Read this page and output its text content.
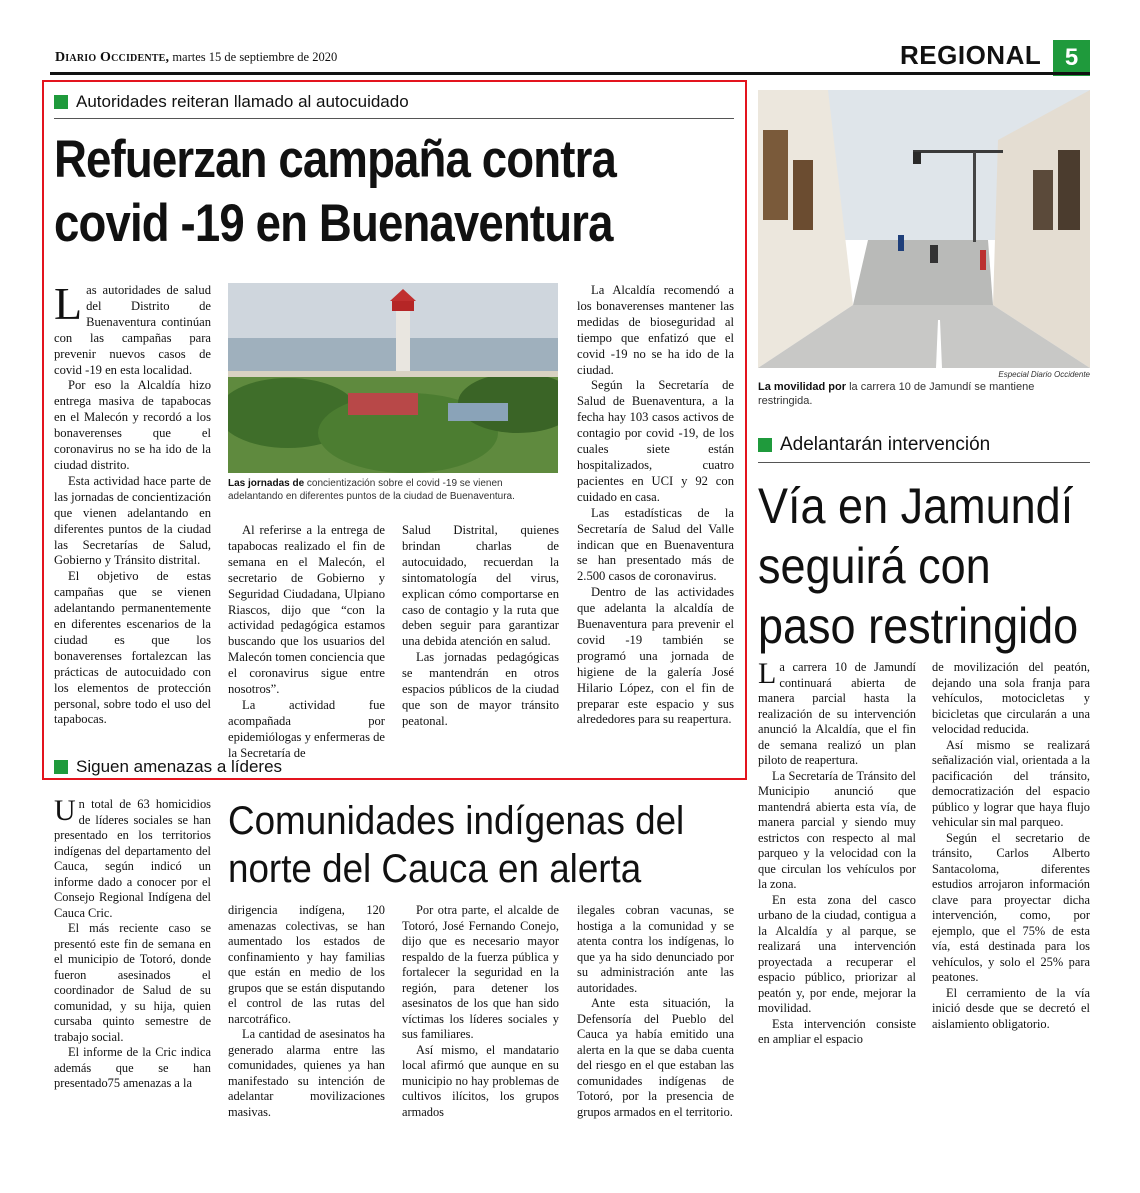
Diario Occidente, martes 15 de septiembre de 2020	REGIONAL 5
Autoridades reiteran llamado al autocuidado
Refuerzan campaña contra
covid -19 en Buenaventura

Las autoridades de salud del Distrito de Buenaventura continúan con las campañas para prevenir nuevos casos de covid -19 en esta localidad.

Por eso la Alcaldía hizo entrega masiva de tapabocas en el Malecón y recordó a los bonaverenses que el coronavirus no se ha ido de la ciudad distrito.

Esta actividad hace parte de las jornadas de concientización que vienen adelantando en diferentes puntos de la ciudad las Secretarías de Salud, Gobierno y Tránsito distrital.

El objetivo de estas campañas que se vienen adelantando permanentemente en diferentes escenarios de la ciudad es que los bonaverenses fortalezcan las prácticas de autocuidado con los elementos de protección personal, sobre todo el uso del tapabocas.

Las jornadas de concientización sobre el covid -19 se vienen adelantando en diferentes puntos de la ciudad de Buenaventura.

Al referirse a la entrega de tapabocas realizado el fin de semana en el Malecón, el secretario de Gobierno y Seguridad Ciudadana, Ulpiano Riascos, dijo que “con la actividad pedagógica estamos buscando que los usuarios del Malecón tomen conciencia que el coronavirus sigue entre nosotros”.

La actividad fue acompañada por epidemiólogas y enfermeras de la Secretaría de

Salud Distrital, quienes brindan charlas de autocuidado, recuerdan la sintomatología del virus, explican cómo comportarse en caso de contagio y la ruta que deben seguir para garantizar una debida atención en salud.

Las jornadas pedagógicas se mantendrán en otros espacios públicos de la ciudad que son de mayor tránsito peatonal.

La Alcaldía recomendó a los bonaverenses mantener las medidas de bioseguridad al tiempo que enfatizó que el covid -19 no se ha ido de la ciudad.

Según la Secretaría de Salud de Buenaventura, a la fecha hay 103 casos activos de contagio por covid -19, de los cuales siete están hospitalizados, cuatro pacientes en UCI y 92 con cuidado en casa.

Las estadísticas de la Secretaría de Salud del Valle indican que en Buenaventura se han presentado más de 2.500 casos de coronavirus.

Dentro de las actividades que adelanta la alcaldía de Buenaventura para prevenir el covid -19 también se programó una jornada de higiene de la galería José Hilario López, con el fin de preparar este espacio y sus alrededores para su reapertura.

Siguen amenazas a líderes

Un total de 63 homicidios de líderes sociales se han presentado en los territorios indígenas del departamento del Cauca, según indicó un informe dado a conocer por el Consejo Regional Indígena del Cauca Cric.

El más reciente caso se presentó este fin de semana en el municipio de Totoró, donde fueron asesinados el coordinador de Salud de su comunidad, y su hija, quien cursaba quinto semestre de trabajo social.

El informe de la Cric indica además que se han presentado75 amenazas a la

Comunidades indígenas del
norte del Cauca en alerta

dirigencia indígena, 120 amenazas colectivas, se han aumentado los estados de confinamiento y hay familias que están en medio de los grupos que se están disputando el control de las rutas del narcotráfico.

La cantidad de asesinatos ha generado alarma entre las comunidades, quienes ya han manifestado su intención de adelantar movilizaciones masivas.

Por otra parte, el alcalde de Totoró, José Fernando Conejo, dijo que es necesario mayor respaldo de la fuerza pública y fortalecer la seguridad en la región, para detener los asesinatos de los que han sido víctimas los líderes sociales y sus familiares.

Así mismo, el mandatario local afirmó que aunque en su municipio no hay problemas de cultivos ilícitos, los grupos armados

ilegales cobran vacunas, se hostiga a la comunidad y se atenta contra los indígenas, lo que ya ha sido denunciado por su administración ante las autoridades.

Ante esta situación, la Defensoría del Pueblo del Cauca ya había emitido una alerta en la que se daba cuenta del riesgo en el que estaban las comunidades indígenas de Totoró, por la presencia de grupos armados en el territorio.

Especial Diario Occidente
La movilidad por la carrera 10 de Jamundí se mantiene restringida.
Adelantarán intervención
Vía en Jamundí
seguirá con
paso restringido

La carrera 10 de Jamundí continuará abierta de manera parcial hasta la realización de su intervención anunció la Alcaldía, que el fin de semana realizó un plan piloto de reapertura.

La Secretaría de Tránsito del Municipio anunció que mantendrá abierta esta vía, de manera parcial y siendo muy estrictos con respecto al mal parqueo y la velocidad con la que circulan los vehículos por la zona.

En esta zona del casco urbano de la ciudad, contigua a la Alcaldía y al parque, se realizará una intervención proyectada a recuperar el espacio público, priorizar al peatón y, por ende, mejorar la movilidad.

Esta intervención consiste en ampliar el espacio

de movilización del peatón, dejando una sola franja para vehículos, motocicletas y bicicletas que circularán a una velocidad reducida.

Así mismo se realizará señalización vial, orientada a la pacificación del tránsito, democratización del espacio público y lograr que haya flujo vehicular sin mal parqueo.

Según el secretario de tránsito, Carlos Alberto Santacoloma, diferentes estudios arrojaron información clave para proyectar dicha intervención, como, por ejemplo, que el 75% de esta vía, está destinada para los vehículos, y solo el 25% para peatones.

El cerramiento de la vía inició desde que se decretó el aislamiento obligatorio.
